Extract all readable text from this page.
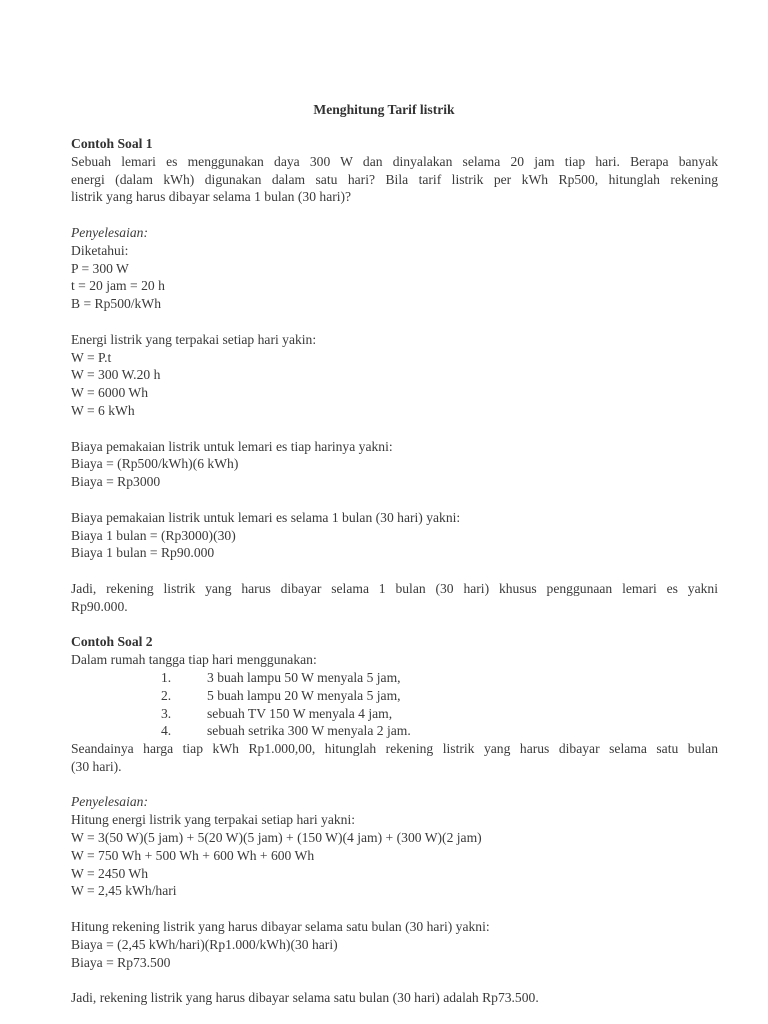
Menghitung Tarif listrik
Contoh Soal 1
Sebuah lemari es menggunakan daya 300 W dan dinyalakan selama 20 jam tiap hari. Berapa banyak
energi (dalam kWh) digunakan dalam satu hari? Bila tarif listrik per kWh Rp500, hitunglah rekening
listrik yang harus dibayar selama 1 bulan (30 hari)?
Penyelesaian:
Diketahui:
P = 300 W
t = 20 jam = 20 h
B = Rp500/kWh
Energi listrik yang terpakai setiap hari yakin:
W = P.t
W = 300 W.20 h
W = 6000 Wh
W = 6 kWh
Biaya pemakaian listrik untuk lemari es tiap harinya yakni:
Biaya = (Rp500/kWh)(6 kWh)
Biaya = Rp3000
Biaya pemakaian listrik untuk lemari es selama 1 bulan (30 hari) yakni:
Biaya 1 bulan = (Rp3000)(30)
Biaya 1 bulan = Rp90.000
Jadi, rekening listrik yang harus dibayar selama 1 bulan (30 hari) khusus penggunaan lemari es yakni
Rp90.000.
Contoh Soal 2
Dalam rumah tangga tiap hari menggunakan:
1.	3 buah lampu 50 W menyala 5 jam,
2.	5 buah lampu 20 W menyala 5 jam,
3.	sebuah TV 150 W menyala 4 jam,
4.	sebuah setrika 300 W menyala 2 jam.
Seandainya harga tiap kWh Rp1.000,00, hitunglah rekening listrik yang harus dibayar selama satu bulan
(30 hari).
Penyelesaian:
Hitung energi listrik yang terpakai setiap hari yakni:
W = 3(50 W)(5 jam) + 5(20 W)(5 jam) + (150 W)(4 jam) + (300 W)(2 jam)
W = 750 Wh + 500 Wh + 600 Wh + 600 Wh
W = 2450 Wh
W = 2,45 kWh/hari
Hitung rekening listrik yang harus dibayar selama satu bulan (30 hari) yakni:
Biaya = (2,45 kWh/hari)(Rp1.000/kWh)(30 hari)
Biaya = Rp73.500
Jadi, rekening listrik yang harus dibayar selama satu bulan (30 hari) adalah Rp73.500.
